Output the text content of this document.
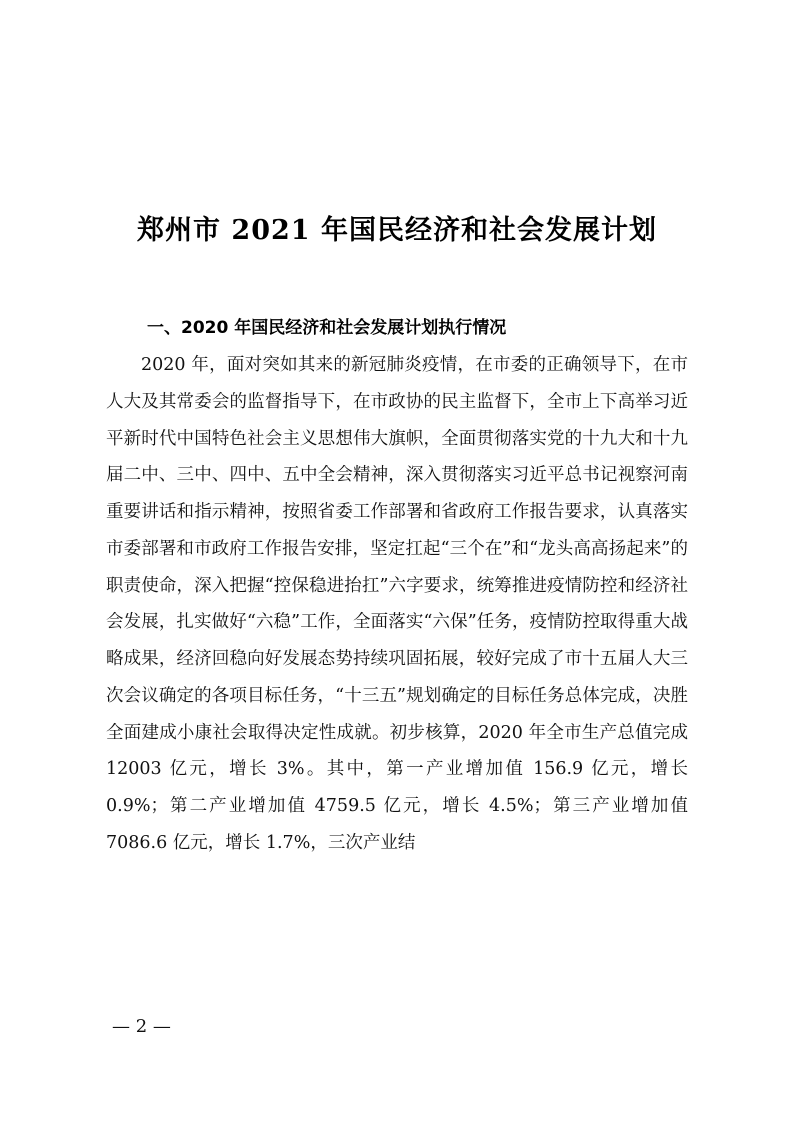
郑州市 2021 年国民经济和社会发展计划
一、2020 年国民经济和社会发展计划执行情况

2020 年，面对突如其来的新冠肺炎疫情，在市委的正确领导下，在市人大及其常委会的监督指导下，在市政协的民主监督下，全市上下高举习近平新时代中国特色社会主义思想伟大旗帜，全面贯彻落实党的十九大和十九届二中、三中、四中、五中全会精神，深入贯彻落实习近平总书记视察河南重要讲话和指示精神，按照省委工作部署和省政府工作报告要求，认真落实市委部署和市政府工作报告安排，坚定扛起“三个在”和“龙头高高扬起来”的职责使命，深入把握“控保稳进抬扛”六字要求，统筹推进疫情防控和经济社会发展，扎实做好“六稳”工作，全面落实“六保”任务，疫情防控取得重大战略成果，经济回稳向好发展态势持续巩固拓展，较好完成了市十五届人大三次会议确定的各项目标任务，“十三五”规划确定的目标任务总体完成，决胜全面建成小康社会取得决定性成就。初步核算，2020 年全市生产总值完成 12003 亿元，增长 3%。其中，第一产业增加值 156.9 亿元，增长 0.9%；第二产业增加值 4759.5 亿元，增长 4.5%；第三产业增加值 7086.6 亿元，增长 1.7%，三次产业结

— 2 —
